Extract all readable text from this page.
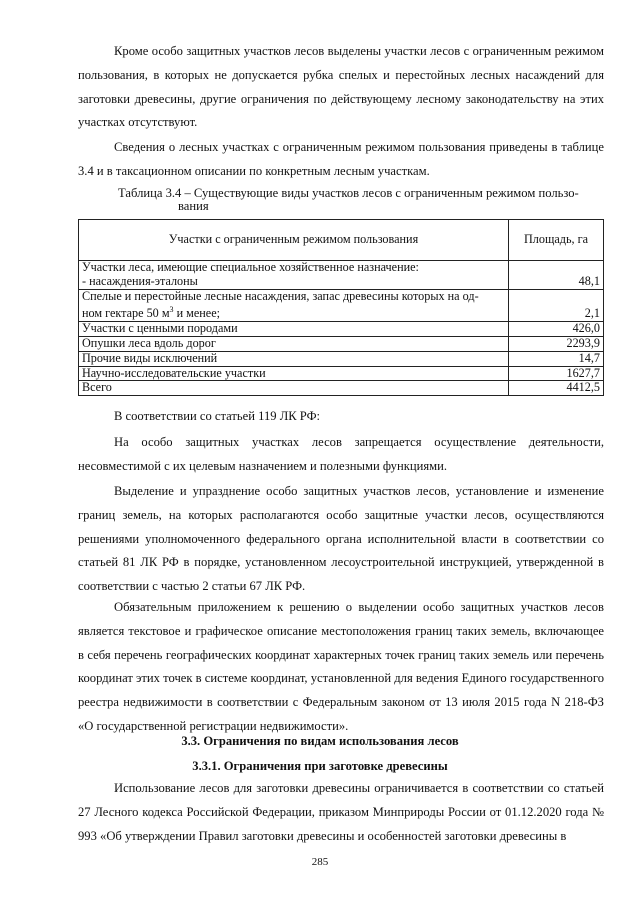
Кроме особо защитных участков лесов выделены участки лесов с ограниченным режимом пользования, в которых не допускается рубка спелых и перестойных лесных насаждений для заготовки древесины, другие ограничения по действующему лесному законодательству на этих участках отсутствуют.

Сведения о лесных участках с ограниченным режимом пользования приведены в таблице 3.4 и в таксационном описании по конкретным лесным участкам.

Таблица 3.4 – Существующие виды участков лесов с ограниченным режимом пользо-
вания

Участки с ограниченным режимом пользования	Площадь, га
Участки леса, имеющие специальное хозяйственное назначение:
- насаждения-эталоны	48,1
Спелые и перестойные лесные насаждения, запас древесины которых на од-
ном гектаре 50 $м^3$ и менее;	2,1
Участки с ценными породами	426,0
Опушки леса вдоль дорог	2293,9
Прочие виды исключений	14,7
Научно-исследовательские участки	1627,7
Всего	4412,5

В соответствии со статьей 119 ЛК РФ:

На особо защитных участках лесов запрещается осуществление деятельности, несовместимой с их целевым назначением и полезными функциями.

Выделение и упразднение особо защитных участков лесов, установление и изменение границ земель, на которых располагаются особо защитные участки лесов, осуществляются решениями уполномоченного федерального органа исполнительной власти в соответствии со статьей 81 ЛК РФ в порядке, установленном лесоустроительной инструкцией, утвержденной в соответствии с частью 2 статьи 67 ЛК РФ.

Обязательным приложением к решению о выделении особо защитных участков лесов является текстовое и графическое описание местоположения границ таких земель, включающее в себя перечень географических координат характерных точек границ таких земель или перечень координат этих точек в системе координат, установленной для ведения Единого государственного реестра недвижимости в соответствии с Федеральным законом от 13 июля 2015 года N 218-ФЗ «О государственной регистрации недвижимости».

3.3. Ограничения по видам использования лесов

3.3.1. Ограничения при заготовке древесины

Использование лесов для заготовки древесины ограничивается в соответствии со статьей 27 Лесного кодекса Российской Федерации, приказом Минприроды России от 01.12.2020 года № 993 «Об утверждении Правил заготовки древесины и особенностей заготовки древесины в

285
